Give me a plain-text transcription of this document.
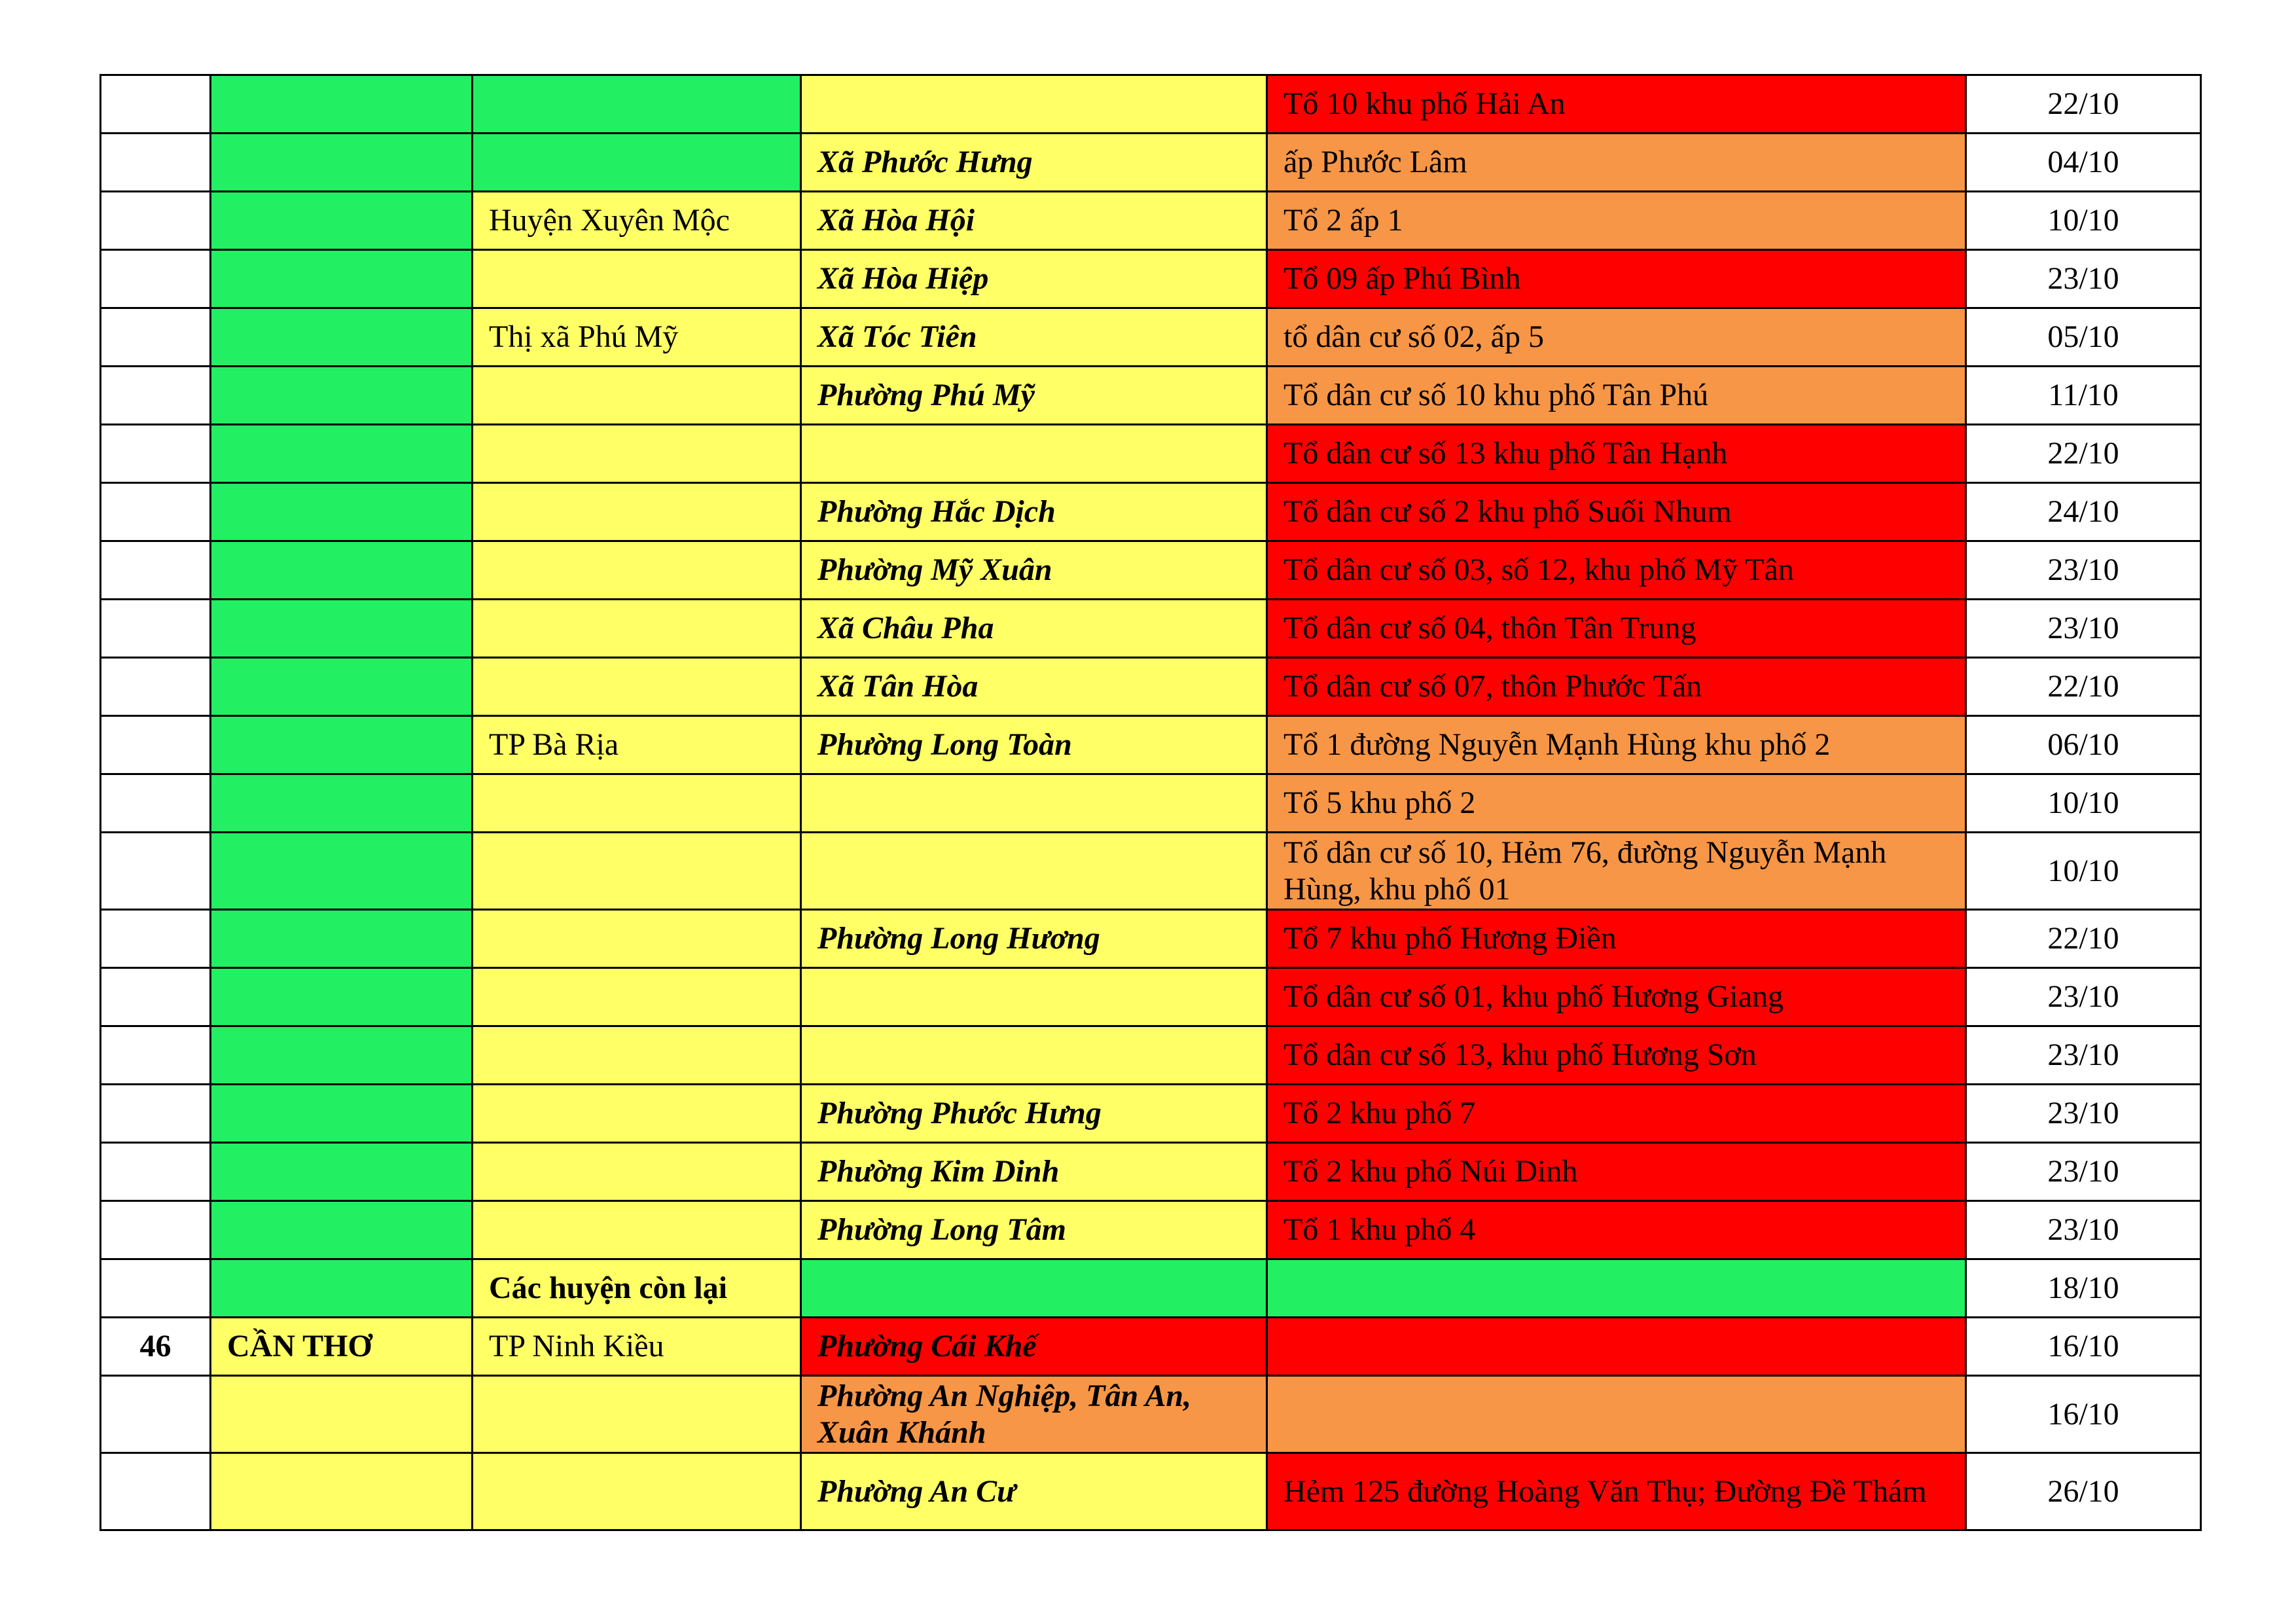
				Tổ 10 khu phố Hải An	22/10
			Xã Phước Hưng	ấp Phước Lâm	04/10
		Huyện Xuyên Mộc	Xã Hòa Hội	Tổ 2 ấp 1	10/10
			Xã Hòa Hiệp	Tổ 09 ấp Phú Bình	23/10
		Thị xã Phú Mỹ	Xã Tóc Tiên	tổ dân cư số 02, ấp 5	05/10
			Phường Phú Mỹ	Tổ dân cư số 10 khu phố Tân Phú	11/10
				Tổ dân cư số 13 khu phố Tân Hạnh	22/10
			Phường Hắc Dịch	Tổ dân cư số 2 khu phố Suối Nhum	24/10
			Phường Mỹ Xuân	Tổ dân cư số 03, số 12, khu phố Mỹ Tân	23/10
			Xã Châu Pha	Tổ dân cư số 04, thôn Tân Trung	23/10
			Xã Tân Hòa	Tổ dân cư số 07, thôn Phước Tấn	22/10
		TP Bà Rịa	Phường Long Toàn	Tổ 1 đường Nguyễn Mạnh Hùng khu phố 2	06/10
				Tổ 5 khu phố 2	10/10
				Tổ dân cư số 10, Hẻm 76, đường Nguyễn Mạnh Hùng, khu phố 01	10/10
			Phường Long Hương	Tổ 7 khu phố Hương Điền	22/10
				Tổ dân cư số 01, khu phố Hương Giang	23/10
				Tổ dân cư số 13, khu phố Hương Sơn	23/10
			Phường Phước Hưng	Tổ 2 khu phố 7	23/10
			Phường Kim Dinh	Tổ 2 khu phố Núi Dinh	23/10
			Phường Long Tâm	Tổ 1 khu phố 4	23/10
		Các huyện còn lại			18/10
46	CẦN THƠ	TP Ninh Kiều	Phường Cái Khế		16/10
			Phường An Nghiệp, Tân An, Xuân Khánh		16/10
			Phường An Cư	Hẻm 125 đường Hoàng Văn Thụ; Đường Đề Thám	26/10
